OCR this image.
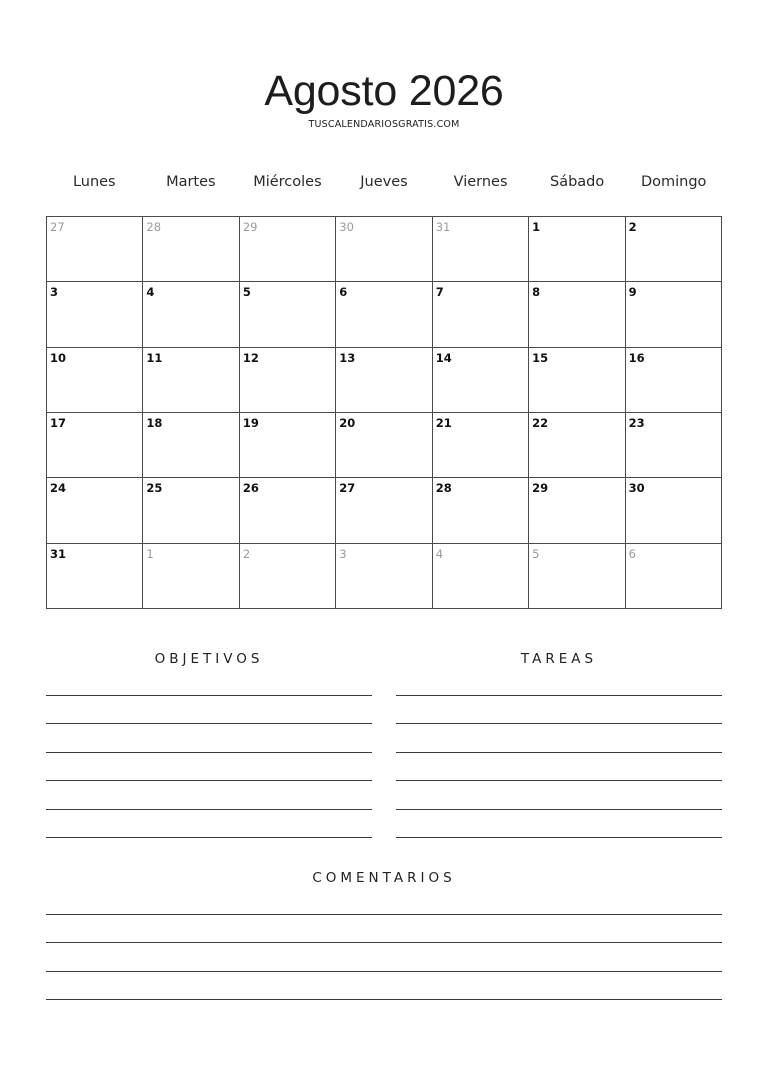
Agosto 2026
TUSCALENDARIOSGRATIS.COM
Lunes	Martes	Miércoles	Jueves	Viernes	Sábado	Domingo
27	28	29	30	31	1	2
3	4	5	6	7	8	9
10	11	12	13	14	15	16
17	18	19	20	21	22	23
24	25	26	27	28	29	30
31	1	2	3	4	5	6
OBJETIVOS	TAREAS
COMENTARIOS
